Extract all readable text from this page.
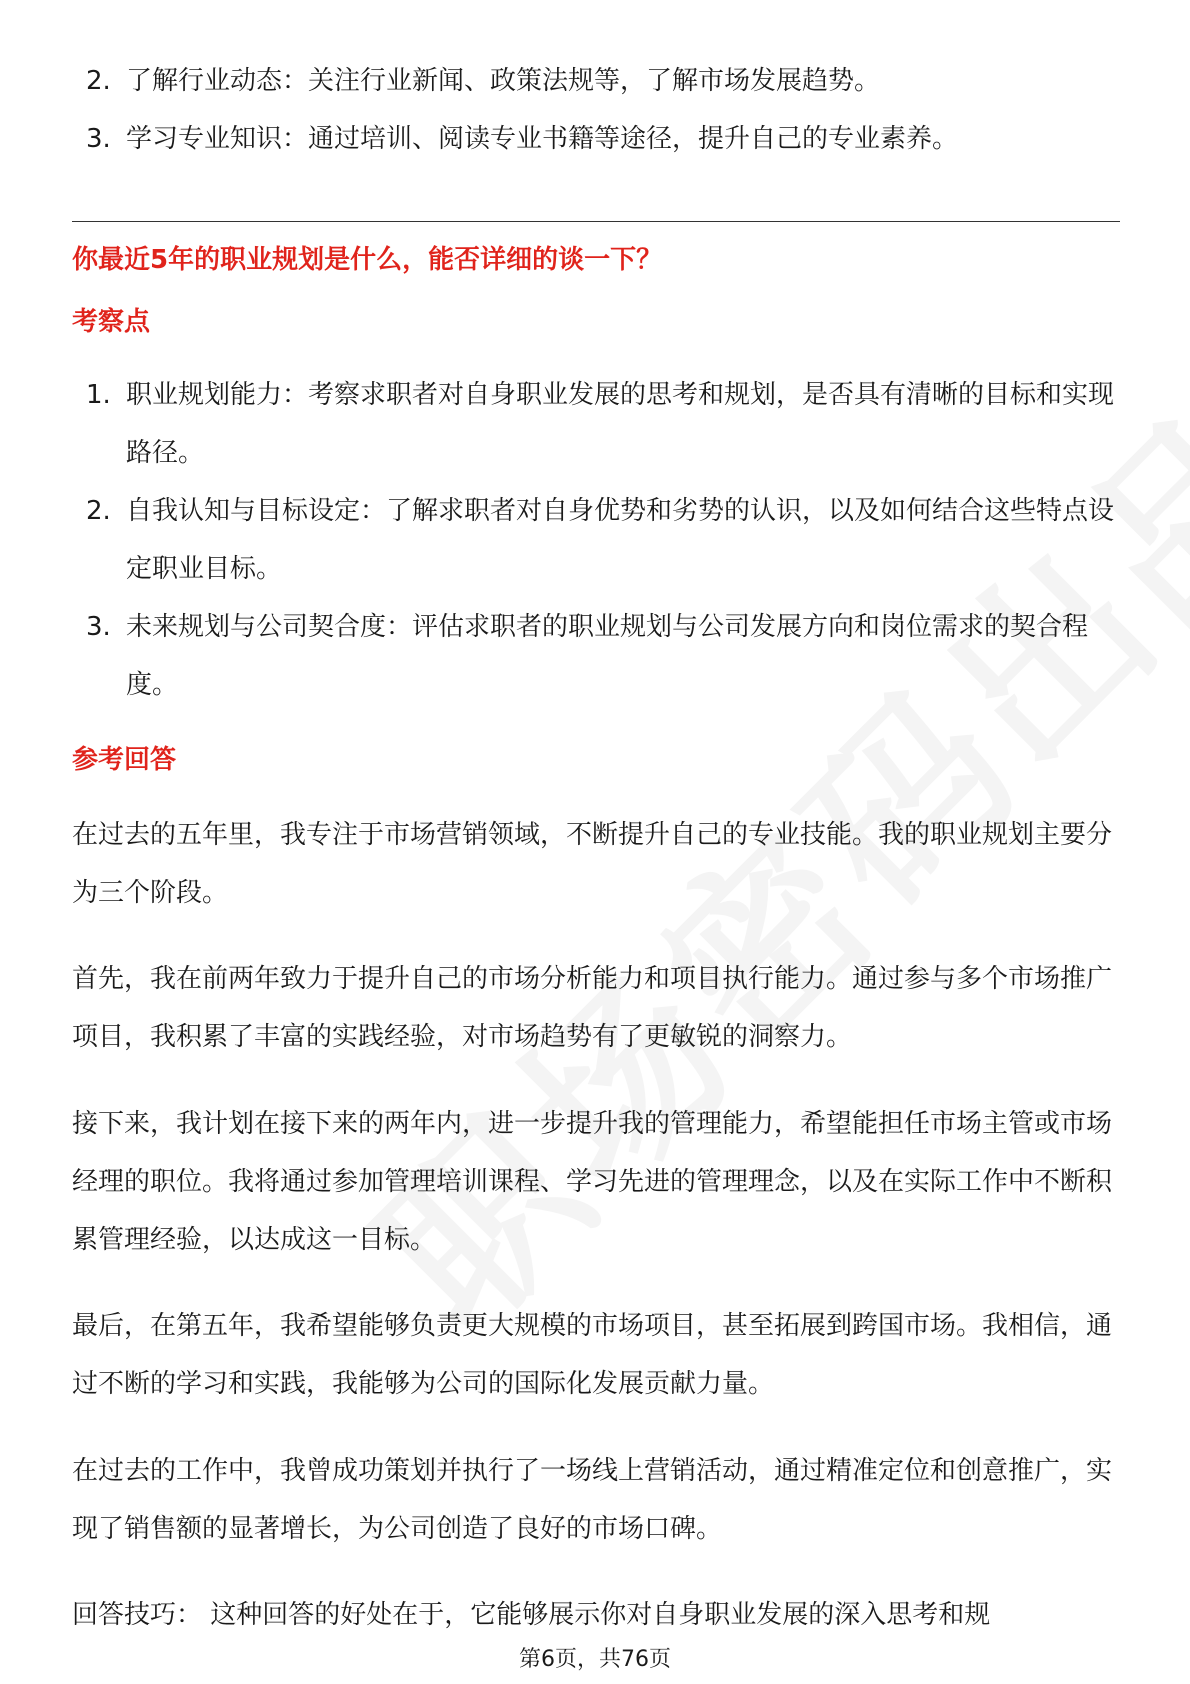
2. 了解行业动态：关注行业新闻、政策法规等，了解市场发展趋势。
3. 学习专业知识：通过培训、阅读专业书籍等途径，提升自己的专业素养。
你最近5年的职业规划是什么，能否详细的谈一下？
考察点
1. 职业规划能力：考察求职者对自身职业发展的思考和规划，是否具有清晰的目标和实现路径。
2. 自我认知与目标设定：了解求职者对自身优势和劣势的认识，以及如何结合这些特点设定职业目标。
3. 未来规划与公司契合度：评估求职者的职业规划与公司发展方向和岗位需求的契合程度。
参考回答

在过去的五年里，我专注于市场营销领域，不断提升自己的专业技能。我的职业规划主要分为三个阶段。

首先，我在前两年致力于提升自己的市场分析能力和项目执行能力。通过参与多个市场推广项目，我积累了丰富的实践经验，对市场趋势有了更敏锐的洞察力。

接下来，我计划在接下来的两年内，进一步提升我的管理能力，希望能担任市场主管或市场经理的职位。我将通过参加管理培训课程、学习先进的管理理念，以及在实际工作中不断积累管理经验，以达成这一目标。

最后，在第五年，我希望能够负责更大规模的市场项目，甚至拓展到跨国市场。我相信，通过不断的学习和实践，我能够为公司的国际化发展贡献力量。

在过去的工作中，我曾成功策划并执行了一场线上营销活动，通过精准定位和创意推广，实现了销售额的显著增长，为公司创造了良好的市场口碑。

回答技巧： 这种回答的好处在于，它能够展示你对自身职业发展的深入思考和规

第6页，共76页
